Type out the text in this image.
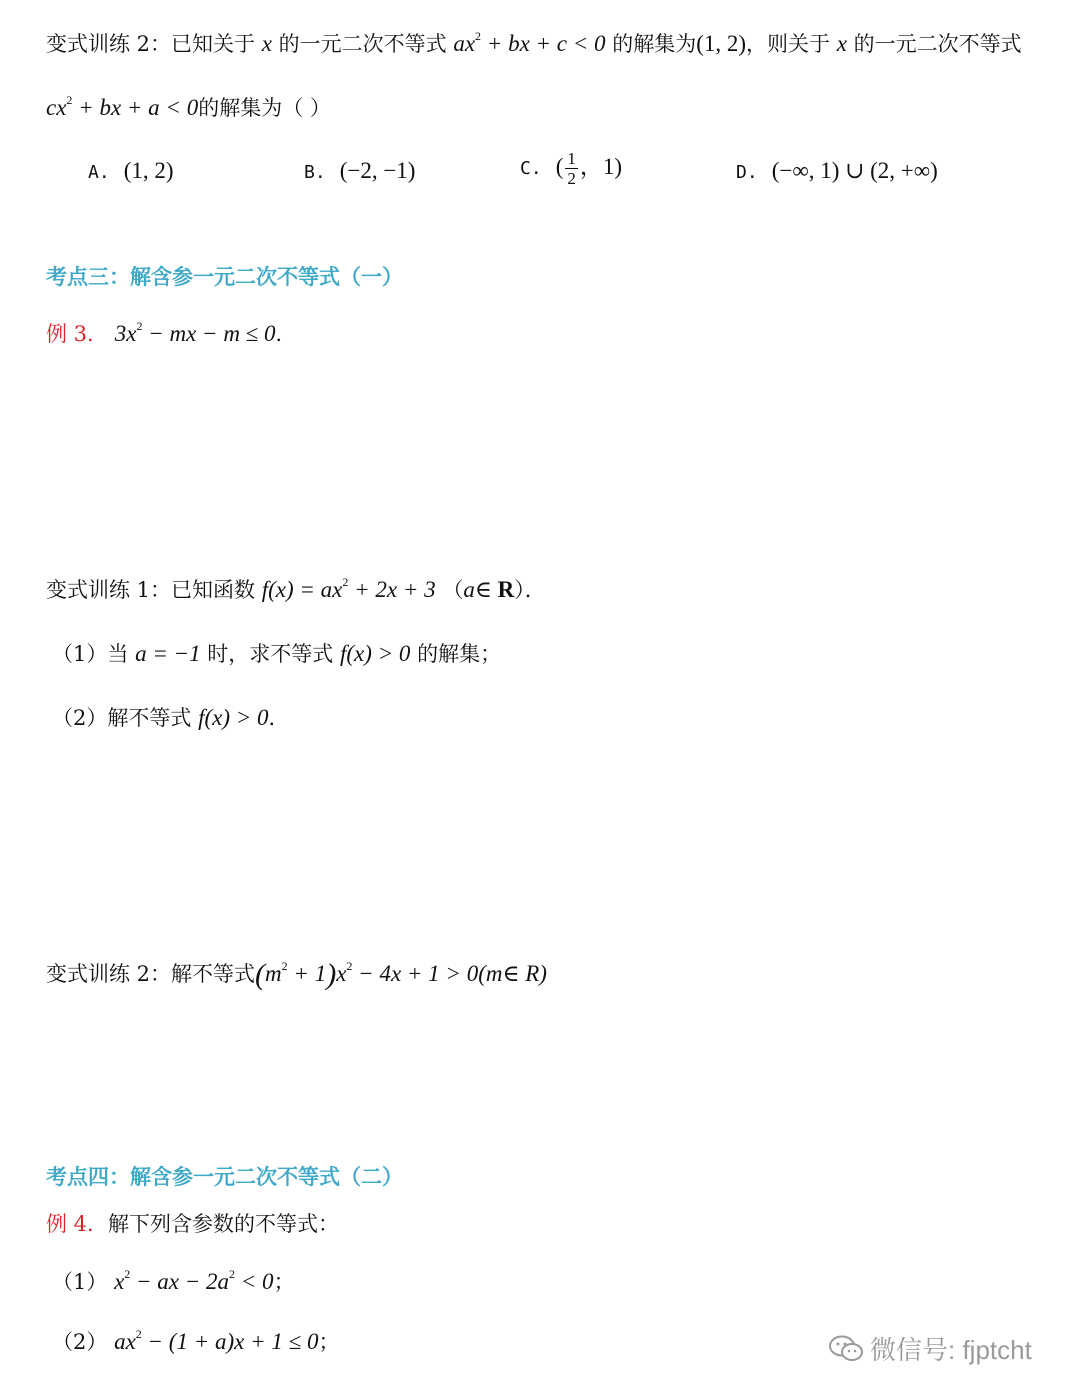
变式训练 2：已知关于 x 的一元二次不等式 $ax^2$ + bx + c < 0 的解集为(1, 2)，则关于 x 的一元二次不等式
$cx^2$ + bx + a < 0的解集为（ ）
A. (1, 2)	B. (−2, −1)	C. ( $\frac{1}{2}$ ，1)	D. (−∞, 1) ∪ (2, +∞)
考点三：解含参一元二次不等式（一）
例 3． $3x^2$ − mx − m ≤ 0．
变式训练 1：已知函数 $f(x) = ax^2 + 2x + 3$ （a∈ R）．
（1）当 a = −1 时，求不等式 f(x) > 0 的解集；
（2）解不等式 f(x) > 0．
变式训练 2：解不等式$(m^2 + 1)x^2 - 4x + 1$ > 0(m∈ R)
考点四：解含参一元二次不等式（二）
例 4．解下列含参数的不等式：
（1） $x^2$ − ax − $2a^2 < 0$；
（2） $ax^2 - (1 + a)x + 1 \le 0$；	微信号: fjptcht
